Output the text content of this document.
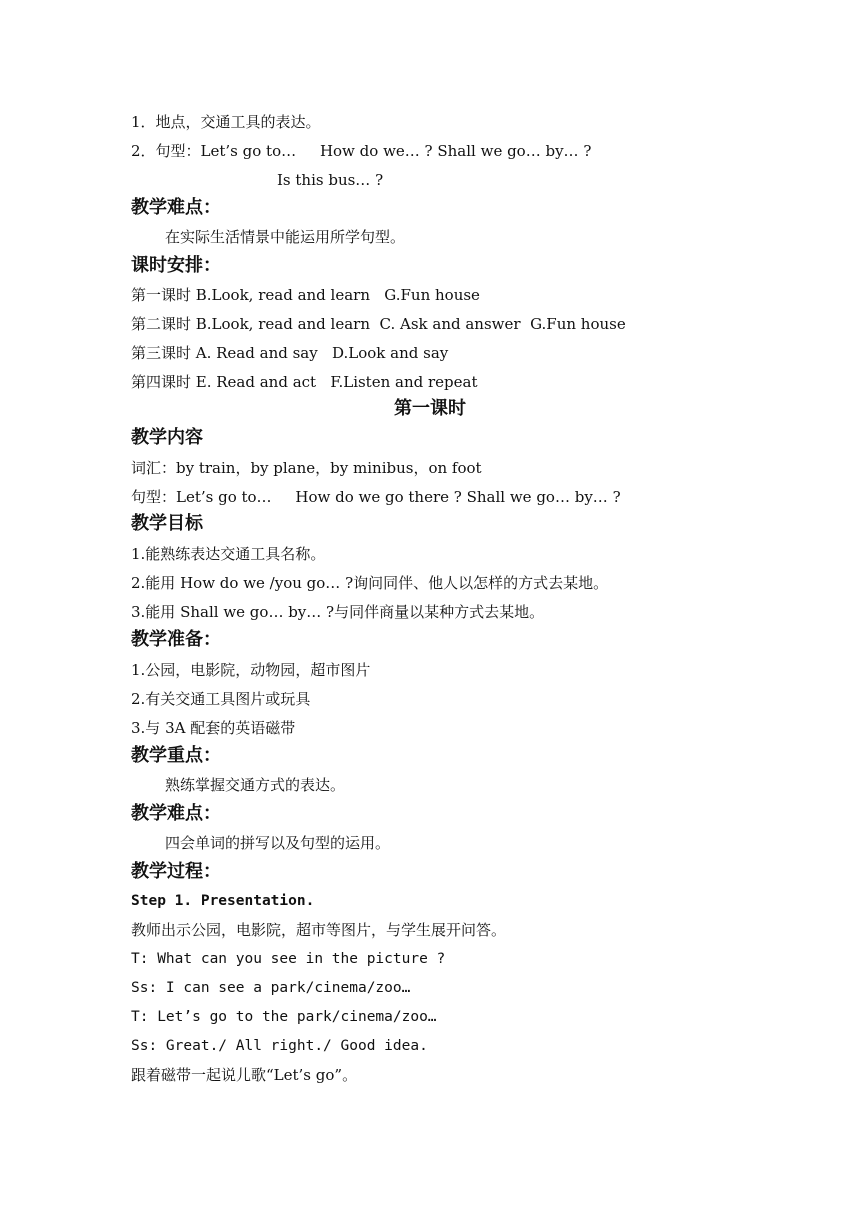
1．地点，交通工具的表达。
2．句型：Let’s go to…     How do we… ? Shall we go… by… ?
Is this bus… ?
教学难点：
在实际生活情景中能运用所学句型。
课时安排：
第一课时 B.Look, read and learn   G.Fun house
第二课时 B.Look, read and learn  C. Ask and answer  G.Fun house
第三课时 A. Read and say   D.Look and say
第四课时 E. Read and act   F.Listen and repeat
第一课时
教学内容
词汇：by train，by plane，by minibus，on foot
句型：Let’s go to…     How do we go there ? Shall we go… by… ?
教学目标
1.能熟练表达交通工具名称。
2.能用 How do we /you go… ?询问同伴、他人以怎样的方式去某地。
3.能用 Shall we go… by… ?与同伴商量以某种方式去某地。
教学准备：
1.公园，电影院，动物园，超市图片
2.有关交通工具图片或玩具
3.与 3A 配套的英语磁带
教学重点：
熟练掌握交通方式的表达。
教学难点：
四会单词的拼写以及句型的运用。
教学过程：
Step 1. Presentation.
教师出示公园，电影院，超市等图片，与学生展开问答。
T: What can you see in the picture ?
Ss: I can see a park/cinema/zoo…
T: Let’s go to the park/cinema/zoo…
Ss: Great./ All right./ Good idea.
跟着磁带一起说儿歌“Let’s go”。
